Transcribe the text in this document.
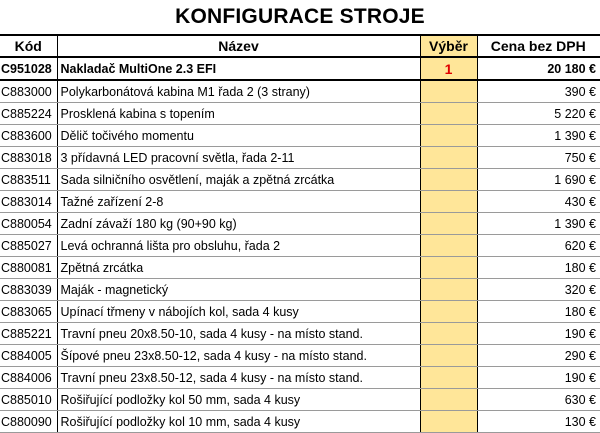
KONFIGURACE STROJE
Kód	Název	Výběr	Cena bez DPH
C951028	Nakladač MultiOne 2.3 EFI	1	20 180 €
C883000	Polykarbonátová kabina M1 řada 2 (3 strany)		390 €
C885224	Prosklená kabina s topením		5 220 €
C883600	Dělič točivého momentu		1 390 €
C883018	3 přídavná LED pracovní světla, řada 2-11		750 €
C883511	Sada silničního osvětlení, maják a zpětná zrcátka		1 690 €
C883014	Tažné zařízení 2-8		430 €
C880054	Zadní závaží 180 kg (90+90 kg)		1 390 €
C885027	Levá ochranná lišta pro obsluhu, řada 2		620 €
C880081	Zpětná zrcátka		180 €
C883039	Maják - magnetický		320 €
C883065	Upínací třmeny v nábojích kol, sada 4 kusy		180 €
C885221	Travní pneu 20x8.50-10, sada 4 kusy - na místo stand.		190 €
C884005	Šípové pneu 23x8.50-12, sada 4 kusy - na místo stand.		290 €
C884006	Travní pneu 23x8.50-12, sada 4 kusy - na místo stand.		190 €
C885010	Rošiřující podložky kol 50 mm, sada 4 kusy		630 €
C880090	Rošiřující podložky kol 10 mm, sada 4 kusy		130 €
